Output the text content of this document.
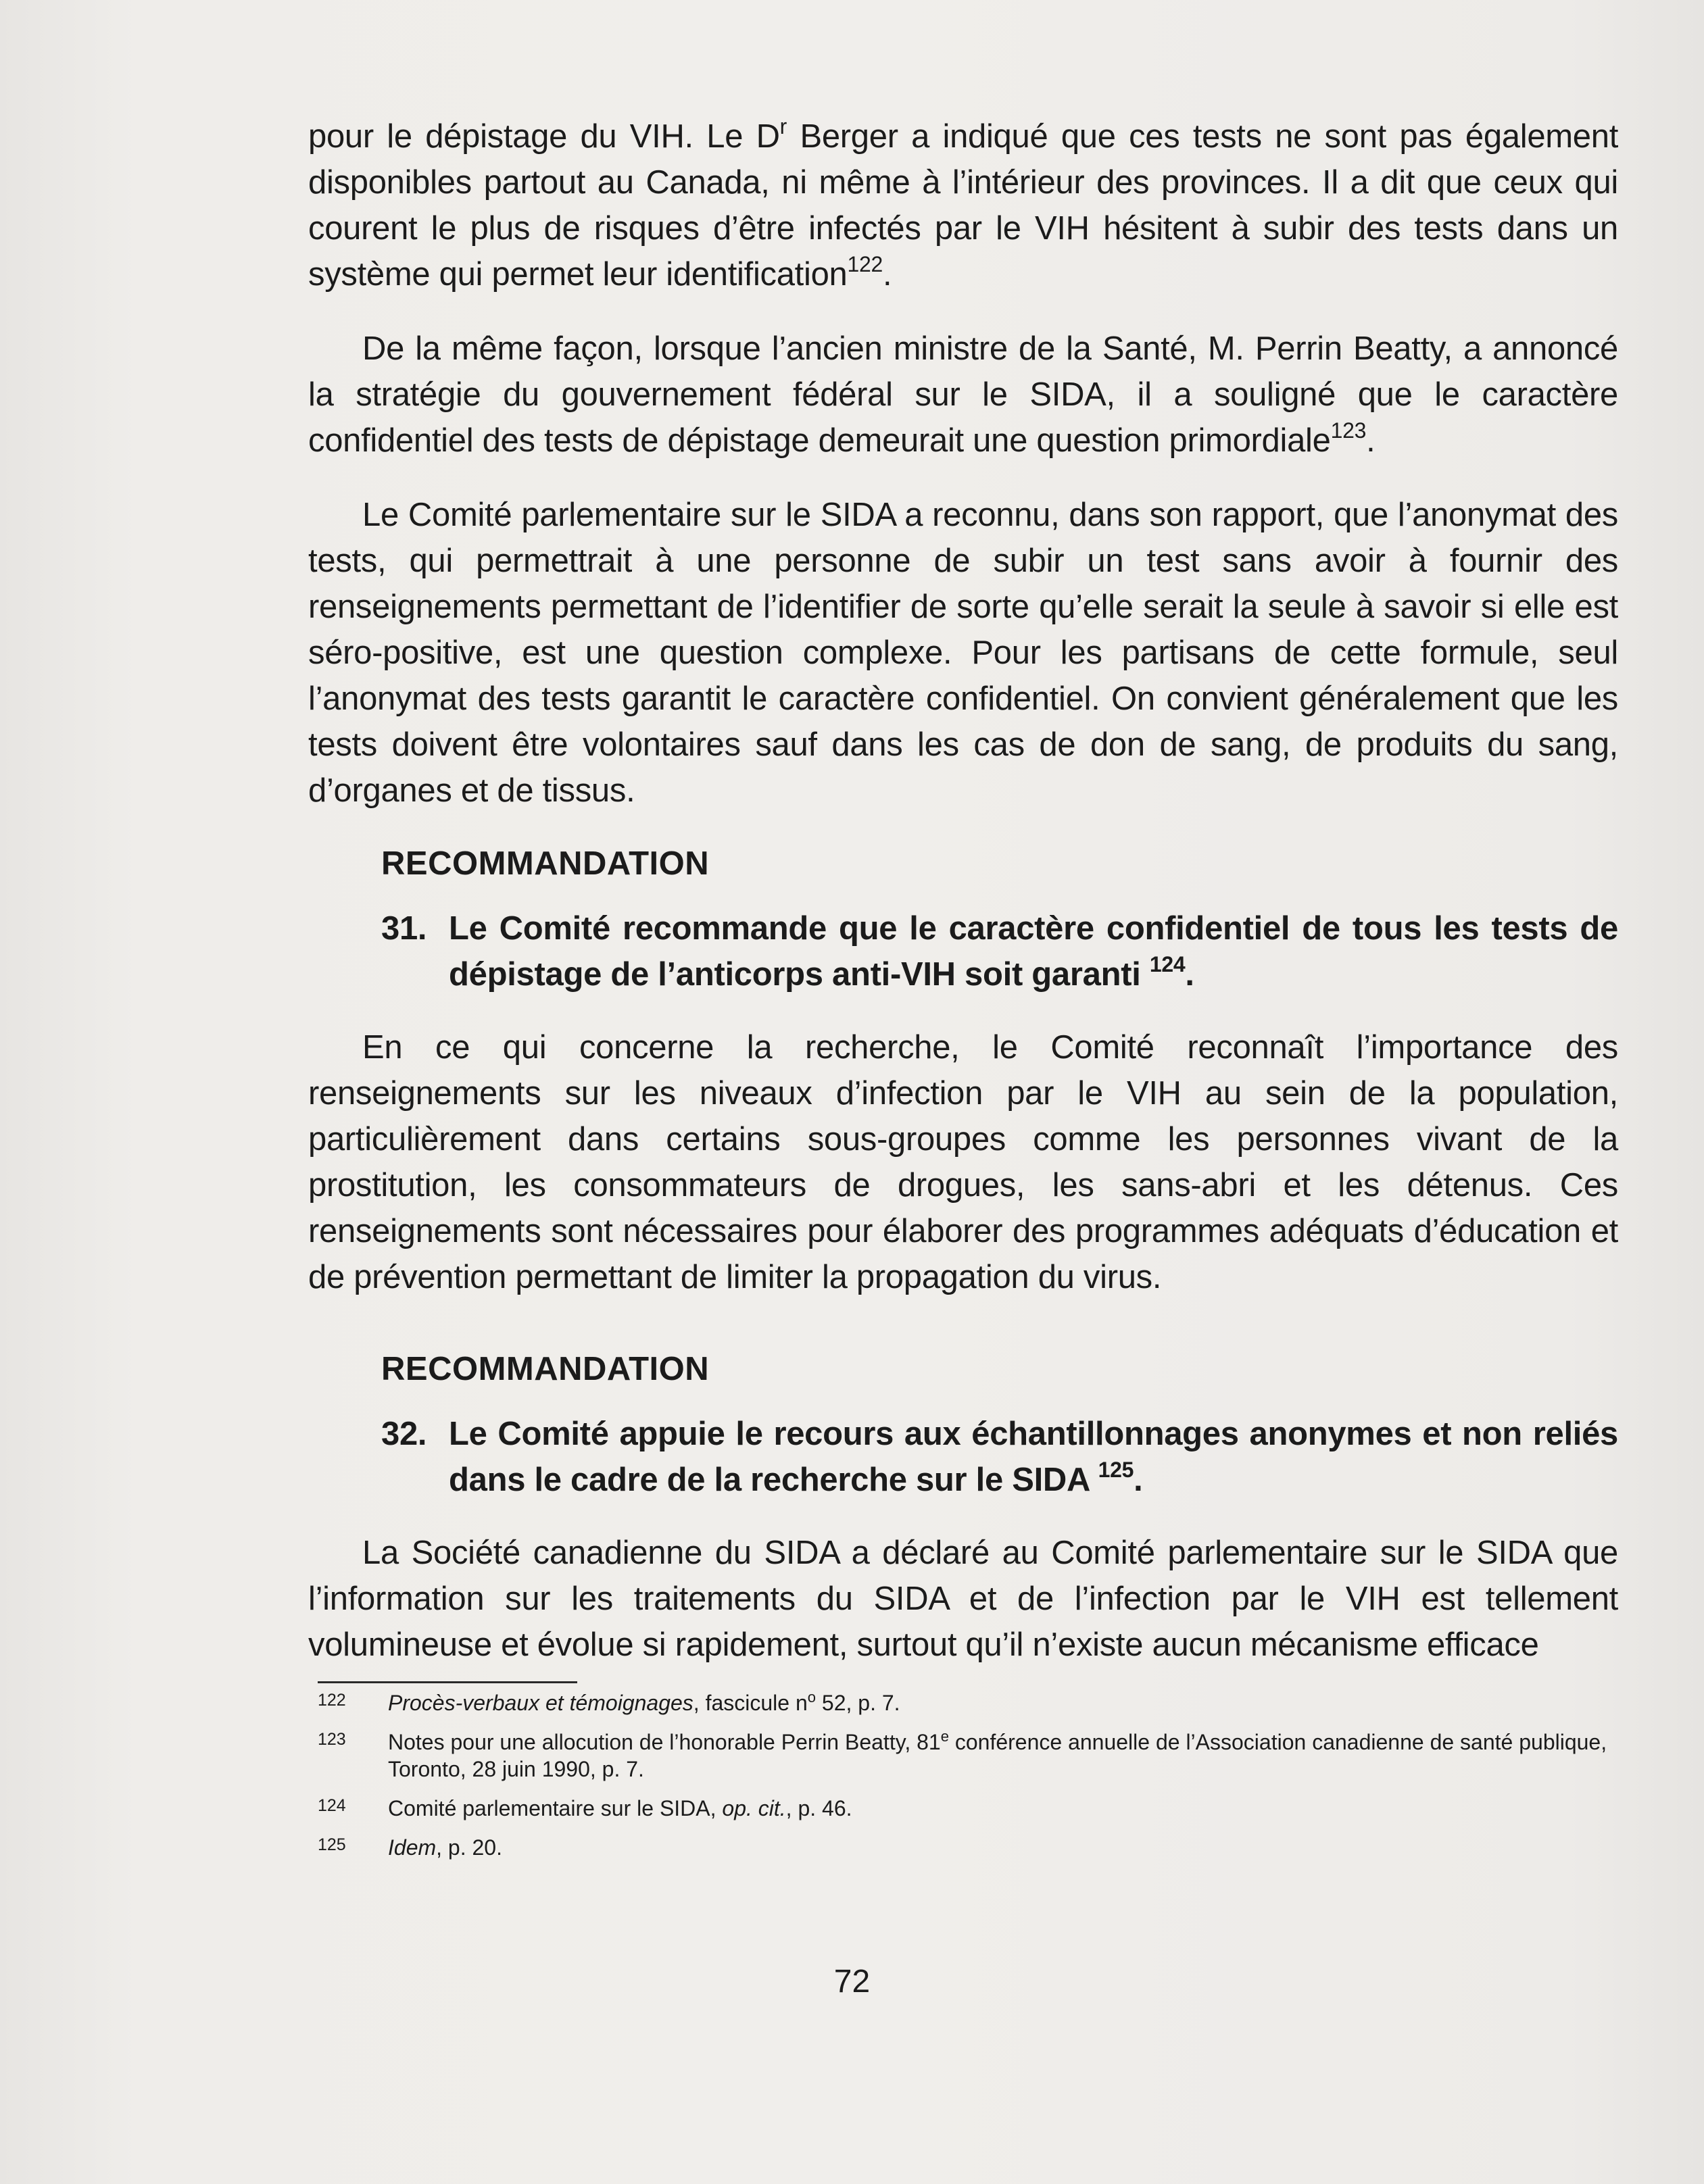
pour le dépistage du VIH. Le $D^r$ Berger a indiqué que ces tests ne sont pas également disponibles partout au Canada, ni même à l’intérieur des provinces. Il a dit que ceux qui courent le plus de risques d’être infectés par le VIH hésitent à subir des tests dans un système qui permet leur identification$^{122}$.

De la même façon, lorsque l’ancien ministre de la Santé, M. Perrin Beatty, a annoncé la stratégie du gouvernement fédéral sur le SIDA, il a souligné que le caractère confidentiel des tests de dépistage demeurait une question primordiale$^{123}$.

Le Comité parlementaire sur le SIDA a reconnu, dans son rapport, que l’anonymat des tests, qui permettrait à une personne de subir un test sans avoir à fournir des renseignements permettant de l’identifier de sorte qu’elle serait la seule à savoir si elle est séro-positive, est une question complexe. Pour les partisans de cette formule, seul l’anonymat des tests garantit le caractère confidentiel. On convient généralement que les tests doivent être volontaires sauf dans les cas de don de sang, de produits du sang, d’organes et de tissus.

RECOMMANDATION
31. Le Comité recommande que le caractère confidentiel de tous les tests de dépistage de l’anticorps anti-VIH soit garanti $^{124}$.

En ce qui concerne la recherche, le Comité reconnaît l’importance des renseignements sur les niveaux d’infection par le VIH au sein de la population, particulièrement dans certains sous-groupes comme les personnes vivant de la prostitution, les consommateurs de drogues, les sans-abri et les détenus. Ces renseignements sont nécessaires pour élaborer des programmes adéquats d’éducation et de prévention permettant de limiter la propagation du virus.

RECOMMANDATION
32. Le Comité appuie le recours aux échantillonnages anonymes et non reliés dans le cadre de la recherche sur le SIDA $^{125}$.

La Société canadienne du SIDA a déclaré au Comité parlementaire sur le SIDA que l’information sur les traitements du SIDA et de l’infection par le VIH est tellement volumineuse et évolue si rapidement, surtout qu’il n’existe aucun mécanisme efficace

122	Procès-verbaux et témoignages, fascicule $n^o$ 52, p. 7.
123	Notes pour une allocution de l’honorable Perrin Beatty, 81e conférence annuelle de l’Association canadienne de santé publique, Toronto, 28 juin 1990, p. 7.
124	Comité parlementaire sur le SIDA, op. cit., p. 46.
125	Idem, p. 20.
72
